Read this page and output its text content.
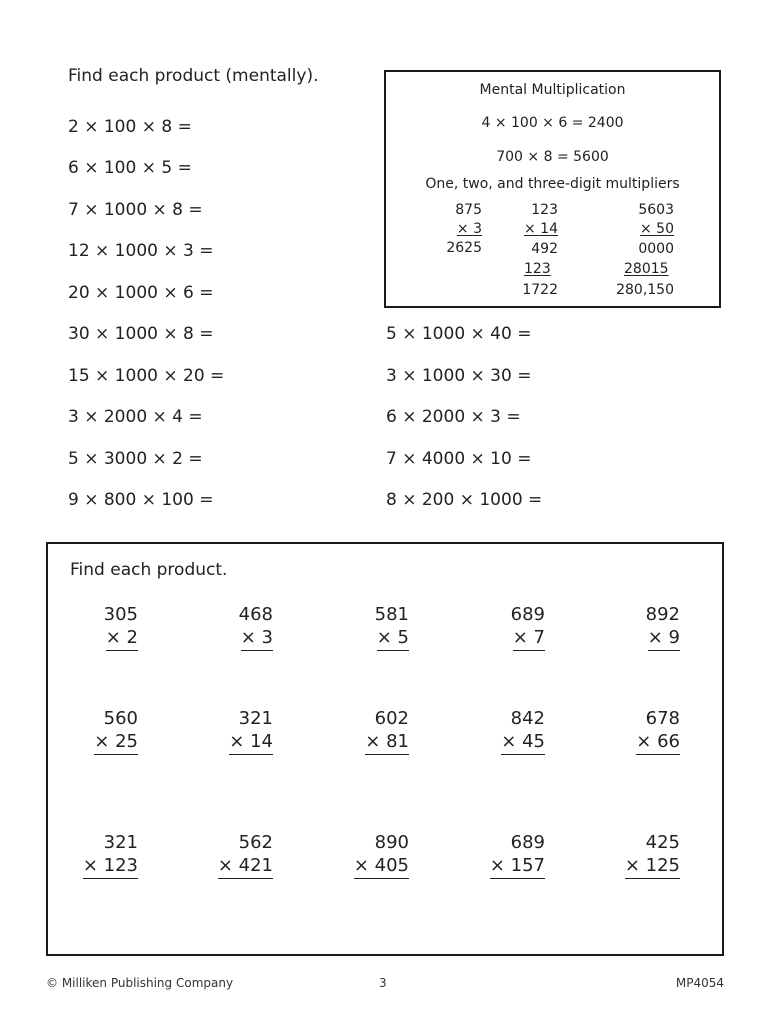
Find each product (mentally).
2 × 100 × 8 =
6 × 100 × 5 =
7 × 1000 × 8 =
12 × 1000 × 3 =
20 × 1000 × 6 =
30 × 1000 × 8 =
15 × 1000 × 20 =
3 × 2000 × 4 =
5 × 3000 × 2 =
9 × 800 × 100 =
5 × 1000 × 40 =
3 × 1000 × 30 =
6 × 2000 × 3 =
7 × 4000 × 10 =
8 × 200 × 1000 =
Mental Multiplication
4 × 100 × 6 = 2400
700 × 8 = 5600
One, two, and three-digit multipliers
875
× 3
2625
123
× 14
492
123
1722
5603
× 50
0000
28015
280,150
Find each product.
305
× 2
468
× 3
581
× 5
689
× 7
892
× 9
560
× 25
321
× 14
602
× 81
842
× 45
678
× 66
321
× 123
562
× 421
890
× 405
689
× 157
425
× 125
© Milliken Publishing Company	3	MP4054
